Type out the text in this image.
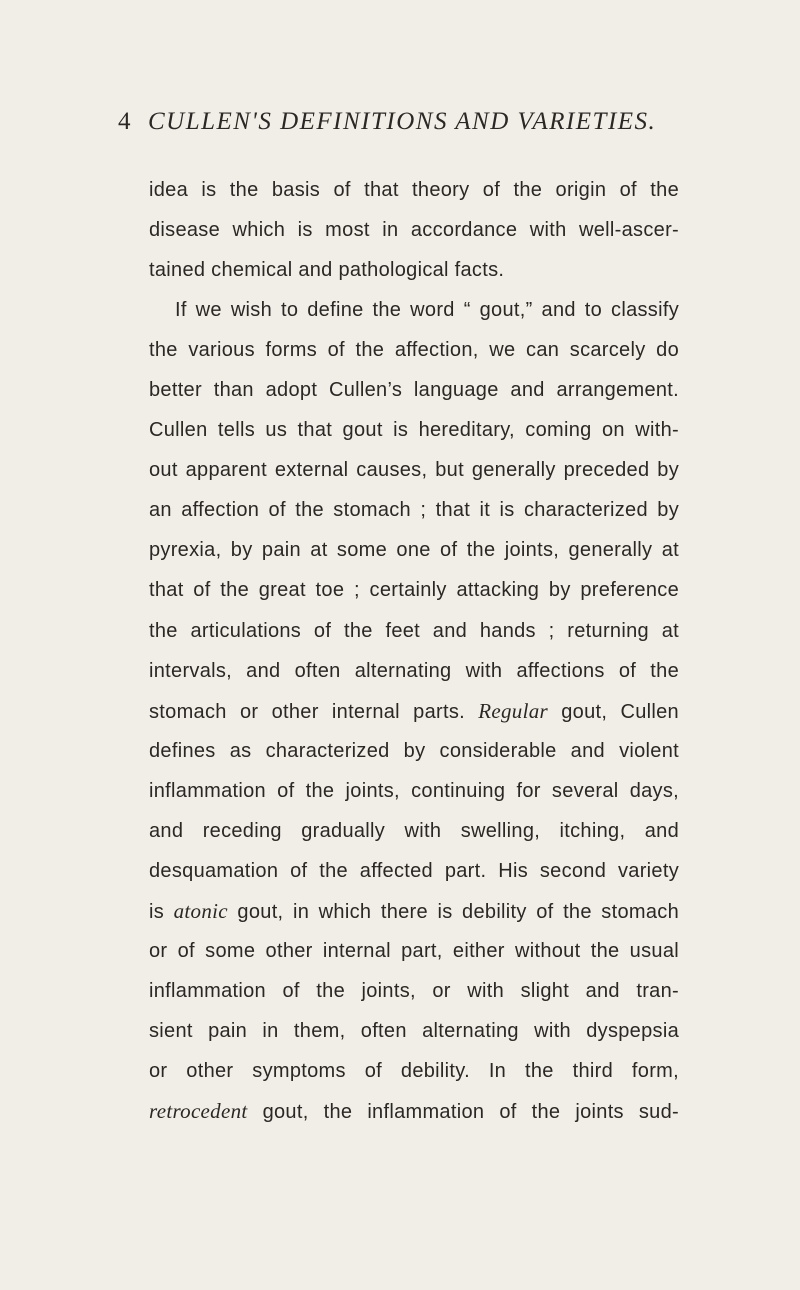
4 CULLEN'S DEFINITIONS AND VARIETIES.
idea is the basis of that theory of the origin of the
disease which is most in accordance with well-ascer-
tained chemical and pathological facts.
If we wish to define the word “ gout,” and to classify
the various forms of the affection, we can scarcely do
better than adopt Cullen’s language and arrangement.
Cullen tells us that gout is hereditary, coming on with-
out apparent external causes, but generally preceded by
an affection of the stomach ; that it is characterized by
pyrexia, by pain at some one of the joints, generally at
that of the great toe ; certainly attacking by preference
the articulations of the feet and hands ; returning at
intervals, and often alternating with affections of the
stomach or other internal parts. Regular gout, Cullen
defines as characterized by considerable and violent
inflammation of the joints, continuing for several days,
and receding gradually with swelling, itching, and
desquamation of the affected part. His second variety
is atonic gout, in which there is debility of the stomach
or of some other internal part, either without the usual
inflammation of the joints, or with slight and tran-
sient pain in them, often alternating with dyspepsia
or other symptoms of debility. In the third form,
retrocedent gout, the inflammation of the joints sud-
